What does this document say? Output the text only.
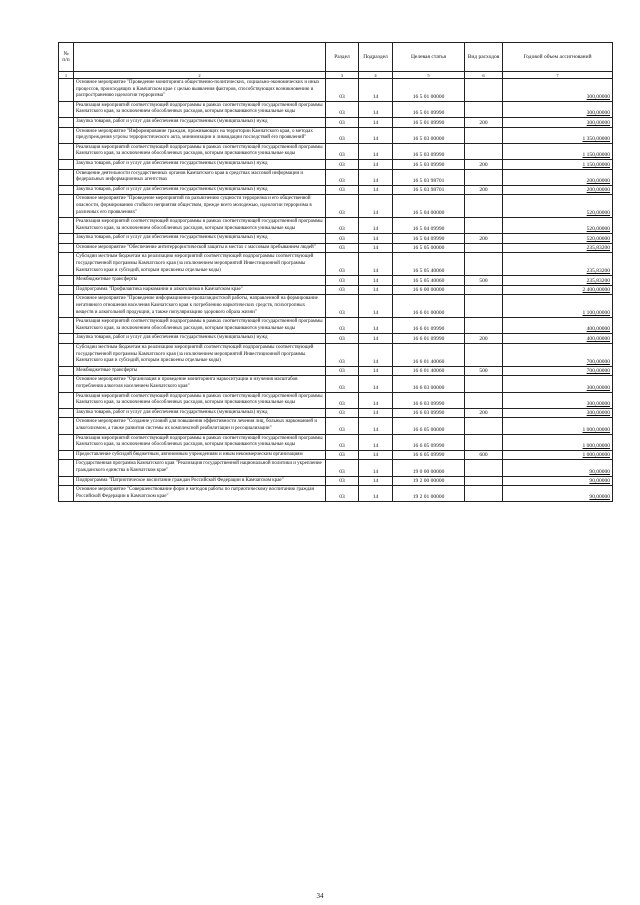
№ п/п		Раздел	Подраздел	Целевая статья	Вид расходов	Годовой объем ассигнований
1	2	3	4	5	6	7
	Основное мероприятие "Проведение мониторинга общественно-политических, социально-экономических и иных процессов, происходящих в Камчатском крае с целью выявления факторов, способствующих возникновению и распространению идеологии терроризма"	03	14	16 5 01 00000		300,00000
	Реализация мероприятий соответствующей подпрограммы в рамках соответствующей государственной программы Камчатского края, за исключением обособленных расходов, которым присваиваются уникальные коды	03	14	16 5 01 09990		300,00000
	Закупка товаров, работ и услуг для обеспечения государственных (муниципальных) нужд	03	14	16 5 01 09990	200	300,00000
	Основное мероприятие "Информирование граждан, проживающих на территории Камчатского края, о методах предупреждения угрозы террористического акта, минимизации и ликвидации последствий его проявлений"	03	14	16 5 03 00000		1 350,00000
	Реализация мероприятий соответствующей подпрограммы в рамках соответствующей государственной программы Камчатского края, за исключением обособленных расходов, которым присваиваются уникальные коды	03	14	16 5 03 09990		1 150,00000
	Закупка товаров, работ и услуг для обеспечения государственных (муниципальных) нужд	03	14	16 5 03 09990	200	1 150,00000
	Освещение деятельности государственных органов Камчатского края в средствах массовой информации и федеральных информационных агентствах	03	14	16 5 03 98701		200,00000
	Закупка товаров, работ и услуг для обеспечения государственных (муниципальных) нужд	03	14	16 5 03 98701	200	200,00000
	Основное мероприятие "Проведение мероприятий по разъяснению сущности терроризма и его общественной опасности, формированию стойкого неприятия обществом, прежде всего молодежью, идеологии терроризма в различных его проявлениях"	03	14	16 5 04 00000		520,00000
	Реализация мероприятий соответствующей подпрограммы в рамках соответствующей государственной программы Камчатского края, за исключением обособленных расходов, которым присваиваются уникальные коды	03	14	16 5 04 09990		520,00000
	Закупка товаров, работ и услуг для обеспечения государственных (муниципальных) нужд	03	14	16 5 04 09990	200	520,00000
	Основное мероприятие "Обеспечение антитеррористической защиты в местах с массовым пребыванием людей"	03	14	16 5 05 00000		235,83200
	Субсидии местным бюджетам на реализацию мероприятий соответствующей подпрограммы соответствующей государственной программы Камчатского края (за исключением мероприятий Инвестиционной программы Камчатского края и субсидий, которым присвоены отдельные коды)	03	14	16 5 05 40060		235,83200
	Межбюджетные трансферты	03	14	16 5 05 40060	500	235,83200
	Подпрограмма "Профилактика наркомании и алкоголизма в Камчатском крае"	03	14	16 6 00 00000		2 400,00000
	Основное мероприятие "Проведение информационно-пропагандистской работы, направленной на формирование негативного отношения населения Камчатского края к потреблению наркотических средств, психотропных веществ и алкогольной продукции, а также популяризацию здорового образа жизни"	03	14	16 6 01 00000		1 100,00000
	Реализация мероприятий соответствующей подпрограммы в рамках соответствующей государственной программы Камчатского края, за исключением обособленных расходов, которым присваиваются уникальные коды	03	14	16 6 01 09990		400,00000
	Закупка товаров, работ и услуг для обеспечения государственных (муниципальных) нужд	03	14	16 6 01 09990	200	400,00000
	Субсидии местным бюджетам на реализацию мероприятий соответствующей подпрограммы соответствующей государственной программы Камчатского края (за исключением мероприятий Инвестиционной программы Камчатского края и субсидий, которым присвоены отдельные коды)	03	14	16 6 01 40060		700,00000
	Межбюджетные трансферты	03	14	16 6 01 40060	500	700,00000
	Основное мероприятие "Организация и проведение мониторинга наркоситуации и изучения масштабов потребления алкоголя населением Камчатского края"	03	14	16 6 03 00000		300,00000
	Реализация мероприятий соответствующей подпрограммы в рамках соответствующей государственной программы Камчатского края, за исключением обособленных расходов, которым присваиваются уникальные коды	03	14	16 6 03 09990		300,00000
	Закупка товаров, работ и услуг для обеспечения государственных (муниципальных) нужд	03	14	16 6 03 09990	200	300,00000
	Основное мероприятие "Создание условий для повышения эффективности лечения лиц, больных наркоманией и алкоголизмом, а также развития системы их комплексной реабилитации и ресоциализации"	03	14	16 6 05 00000		1 000,00000
	Реализация мероприятий соответствующей подпрограммы в рамках соответствующей государственной программы Камчатского края, за исключением обособленных расходов, которым присваиваются уникальные коды	03	14	16 6 05 09990		1 000,00000
	Предоставление субсидий бюджетным, автономным учреждениям и иным некоммерческим организациям	03	14	16 6 05 09990	600	1 000,00000
	Государственная программа Камчатского края "Реализация государственной национальной политики и укрепление гражданского единства в Камчатском крае"	03	14	19 0 00 00000		90,00000
	Подпрограмма "Патриотическое воспитание граждан Российской Федерации в Камчатском крае"	03	14	19 2 00 00000		90,00000
	Основное мероприятие "Совершенствование форм и методов работы по патриотическому воспитанию граждан Российской Федерации в Камчатском крае"	03	14	19 2 01 00000		90,00000
34
